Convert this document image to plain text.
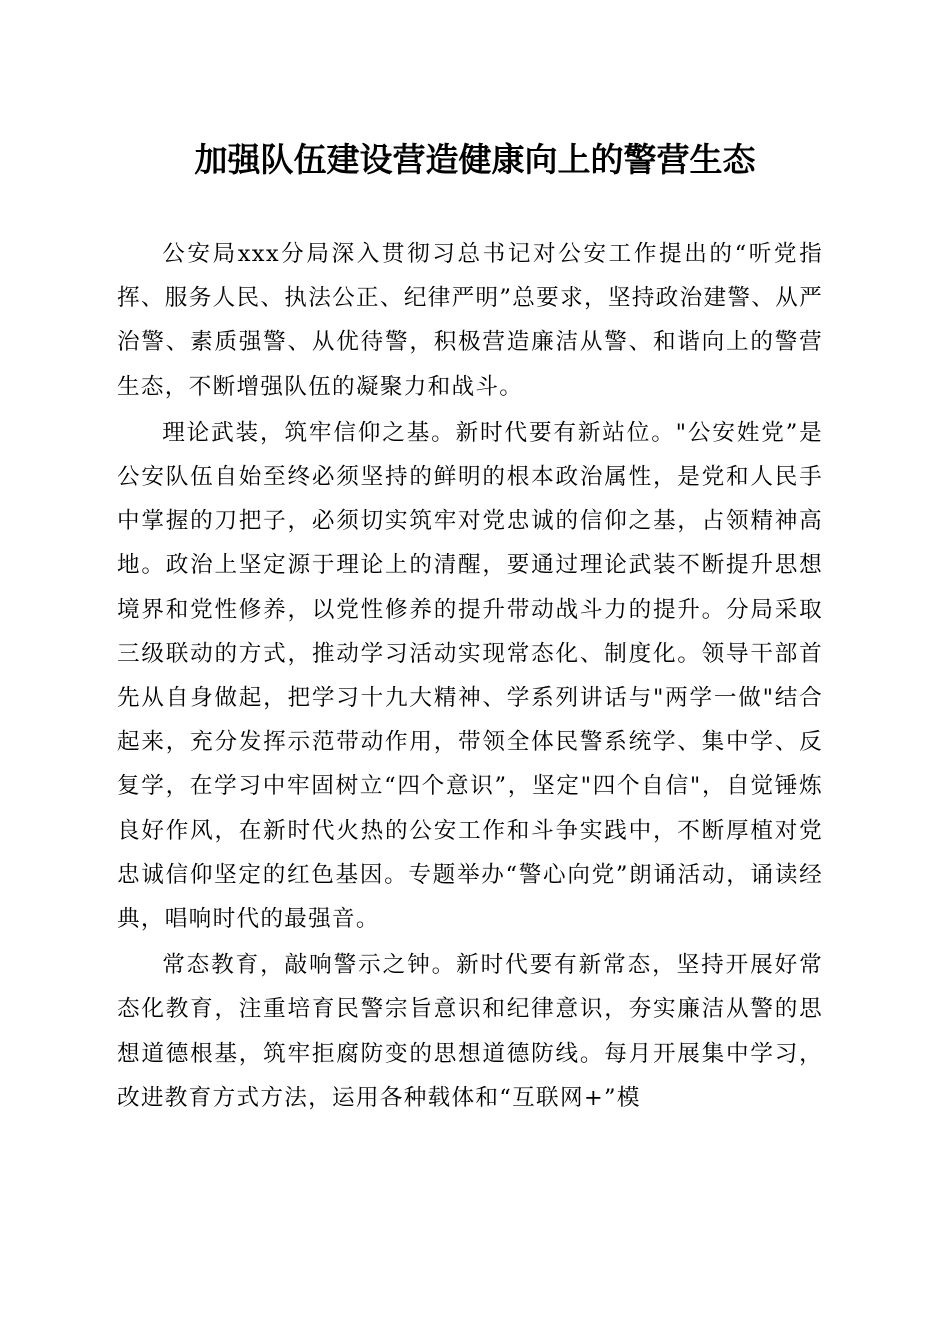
加强队伍建设营造健康向上的警营生态

公安局xxx分局深入贯彻习总书记对公安工作提出的“听党指挥、服务人民、执法公正、纪律严明”总要求，坚持政治建警、从严治警、素质强警、从优待警，积极营造廉洁从警、和谐向上的警营生态，不断增强队伍的凝聚力和战斗。

理论武装，筑牢信仰之基。新时代要有新站位。"公安姓党”是公安队伍自始至终必须坚持的鲜明的根本政治属性，是党和人民手中掌握的刀把子，必须切实筑牢对党忠诚的信仰之基，占领精神高地。政治上坚定源于理论上的清醒，要通过理论武装不断提升思想境界和党性修养，以党性修养的提升带动战斗力的提升。分局采取三级联动的方式，推动学习活动实现常态化、制度化。领导干部首先从自身做起，把学习十九大精神、学系列讲话与"两学一做"结合起来，充分发挥示范带动作用，带领全体民警系统学、集中学、反复学，在学习中牢固树立“四个意识”，坚定"四个自信"，自觉锤炼良好作风，在新时代火热的公安工作和斗争实践中，不断厚植对党忠诚信仰坚定的红色基因。专题举办“警心向党”朗诵活动，诵读经典，唱响时代的最强音。

常态教育，敲响警示之钟。新时代要有新常态，坚持开展好常态化教育，注重培育民警宗旨意识和纪律意识，夯实廉洁从警的思想道德根基，筑牢拒腐防变的思想道德防线。每月开展集中学习，改进教育方式方法，运用各种载体和“互联网+”模
